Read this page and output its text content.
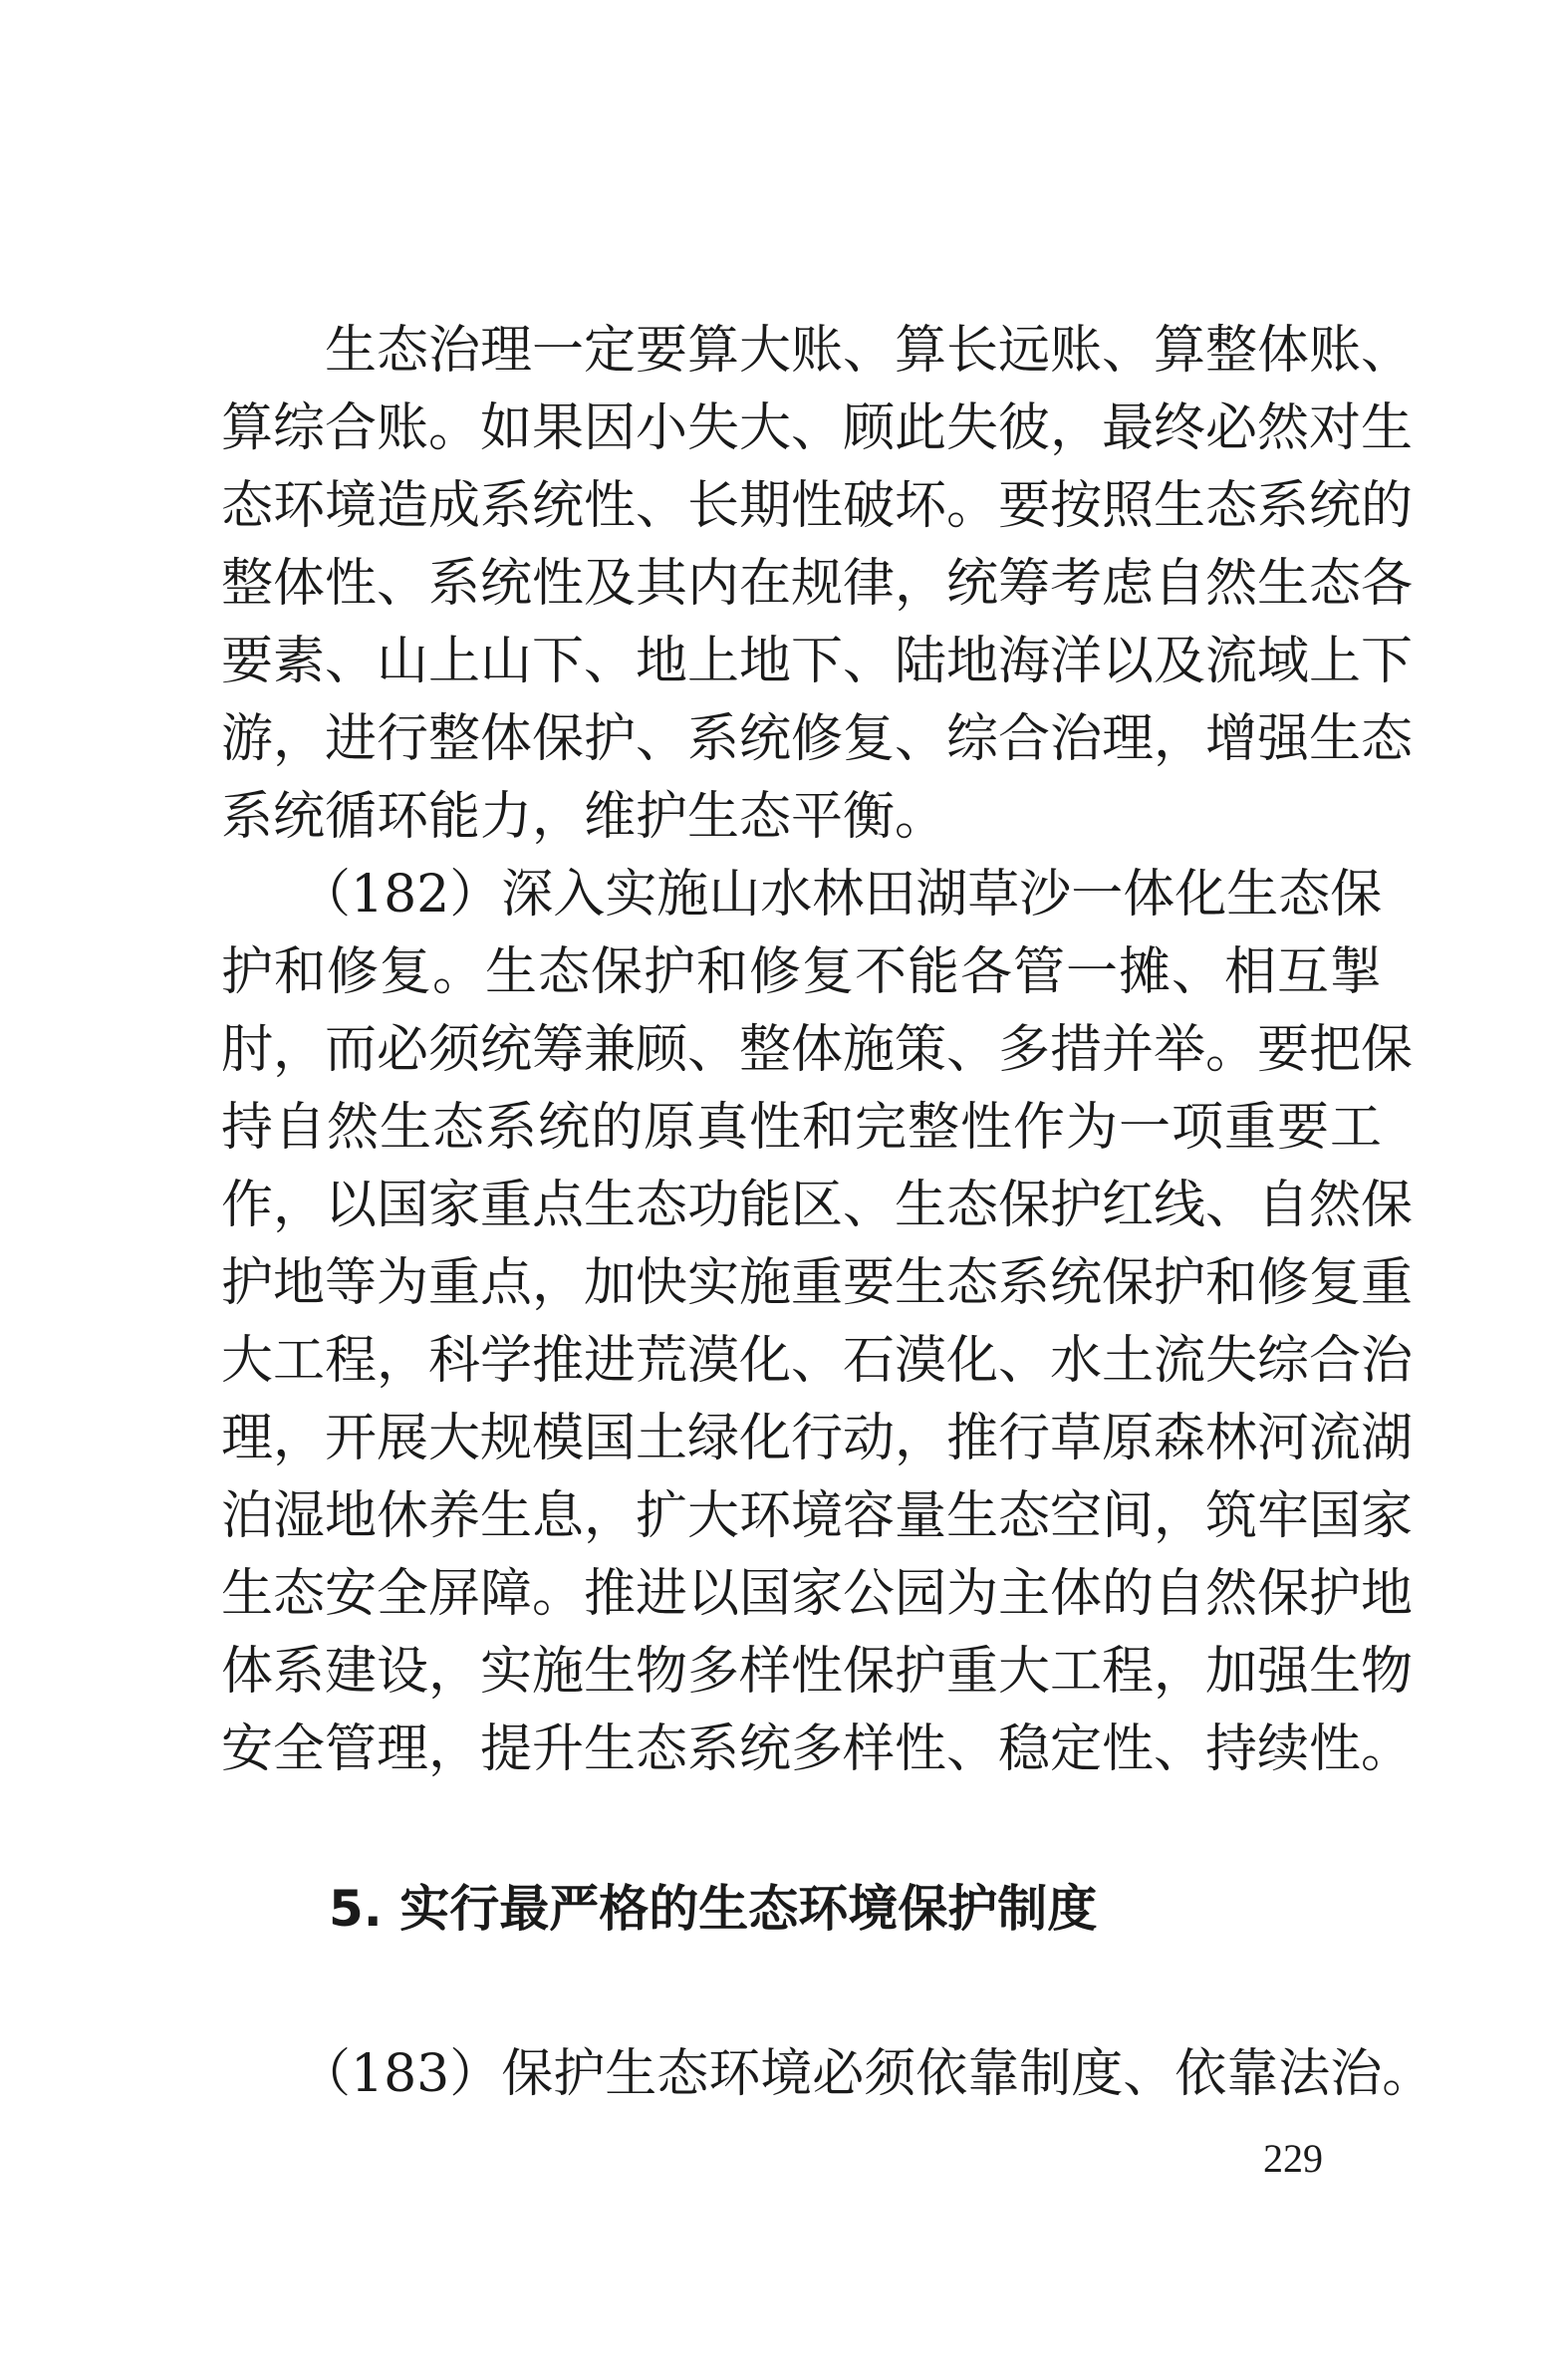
　　生态治理一定要算大账、算长远账、算整体账、
算综合账。如果因小失大、顾此失彼，最终必然对生
态环境造成系统性、长期性破坏。要按照生态系统的
整体性、系统性及其内在规律，统筹考虑自然生态各
要素、山上山下、地上地下、陆地海洋以及流域上下
游，进行整体保护、系统修复、综合治理，增强生态
系统循环能力，维护生态平衡。
　　（182）深入实施山水林田湖草沙一体化生态保
护和修复。生态保护和修复不能各管一摊、相互掣
肘，而必须统筹兼顾、整体施策、多措并举。要把保
持自然生态系统的原真性和完整性作为一项重要工
作，以国家重点生态功能区、生态保护红线、自然保
护地等为重点，加快实施重要生态系统保护和修复重
大工程，科学推进荒漠化、石漠化、水土流失综合治
理，开展大规模国土绿化行动，推行草原森林河流湖
泊湿地休养生息，扩大环境容量生态空间，筑牢国家
生态安全屏障。推进以国家公园为主体的自然保护地
体系建设，实施生物多样性保护重大工程，加强生物
安全管理，提升生态系统多样性、稳定性、持续性。
5. 实行最严格的生态环境保护制度
　　（183）保护生态环境必须依靠制度、依靠法治。
229
